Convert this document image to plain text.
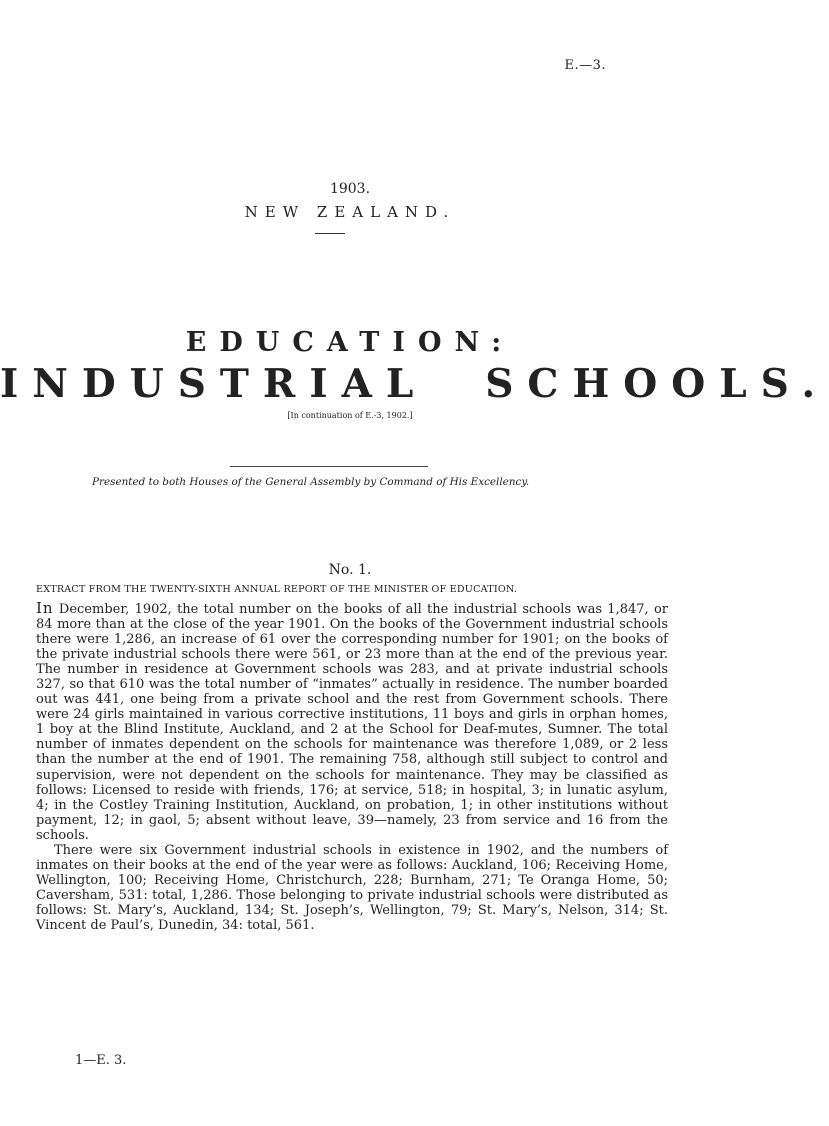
E.—3.
1903.
NEW ZEALAND.
EDUCATION:
INDUSTRIAL SCHOOLS.
[In continuation of E.-3, 1902.]
Presented to both Houses of the General Assembly by Command of His Excellency.
No. 1.
EXTRACT FROM THE TWENTY-SIXTH ANNUAL REPORT OF THE MINISTER OF EDUCATION.

In December, 1902, the total number on the books of all the industrial schools was 1,847, or 84 more than at the close of the year 1901. On the books of the Government industrial schools there were 1,286, an increase of 61 over the corresponding number for 1901; on the books of the private industrial schools there were 561, or 23 more than at the end of the previous year. The number in residence at Government schools was 283, and at private industrial schools 327, so that 610 was the total number of “inmates” actually in residence. The number boarded out was 441, one being from a private school and the rest from Government schools. There were 24 girls maintained in various corrective institutions, 11 boys and girls in orphan homes, 1 boy at the Blind Institute, Auckland, and 2 at the School for Deaf-mutes, Sumner. The total number of inmates dependent on the schools for maintenance was therefore 1,089, or 2 less than the number at the end of 1901. The remaining 758, although still subject to control and supervision, were not dependent on the schools for maintenance. They may be classified as follows: Licensed to reside with friends, 176; at service, 518; in hospital, 3; in lunatic asylum, 4; in the Costley Training Institution, Auckland, on probation, 1; in other institutions without payment, 12; in gaol, 5; absent without leave, 39—namely, 23 from service and 16 from the schools.

There were six Government industrial schools in existence in 1902, and the numbers of inmates on their books at the end of the year were as follows: Auckland, 106; Receiving Home, Wellington, 100; Receiving Home, Christchurch, 228; Burnham, 271; Te Oranga Home, 50; Caversham, 531: total, 1,286. Those belonging to private industrial schools were distributed as follows: St. Mary’s, Auckland, 134; St. Joseph’s, Wellington, 79; St. Mary’s, Nelson, 314; St. Vincent de Paul’s, Dunedin, 34: total, 561.

1—E. 3.
